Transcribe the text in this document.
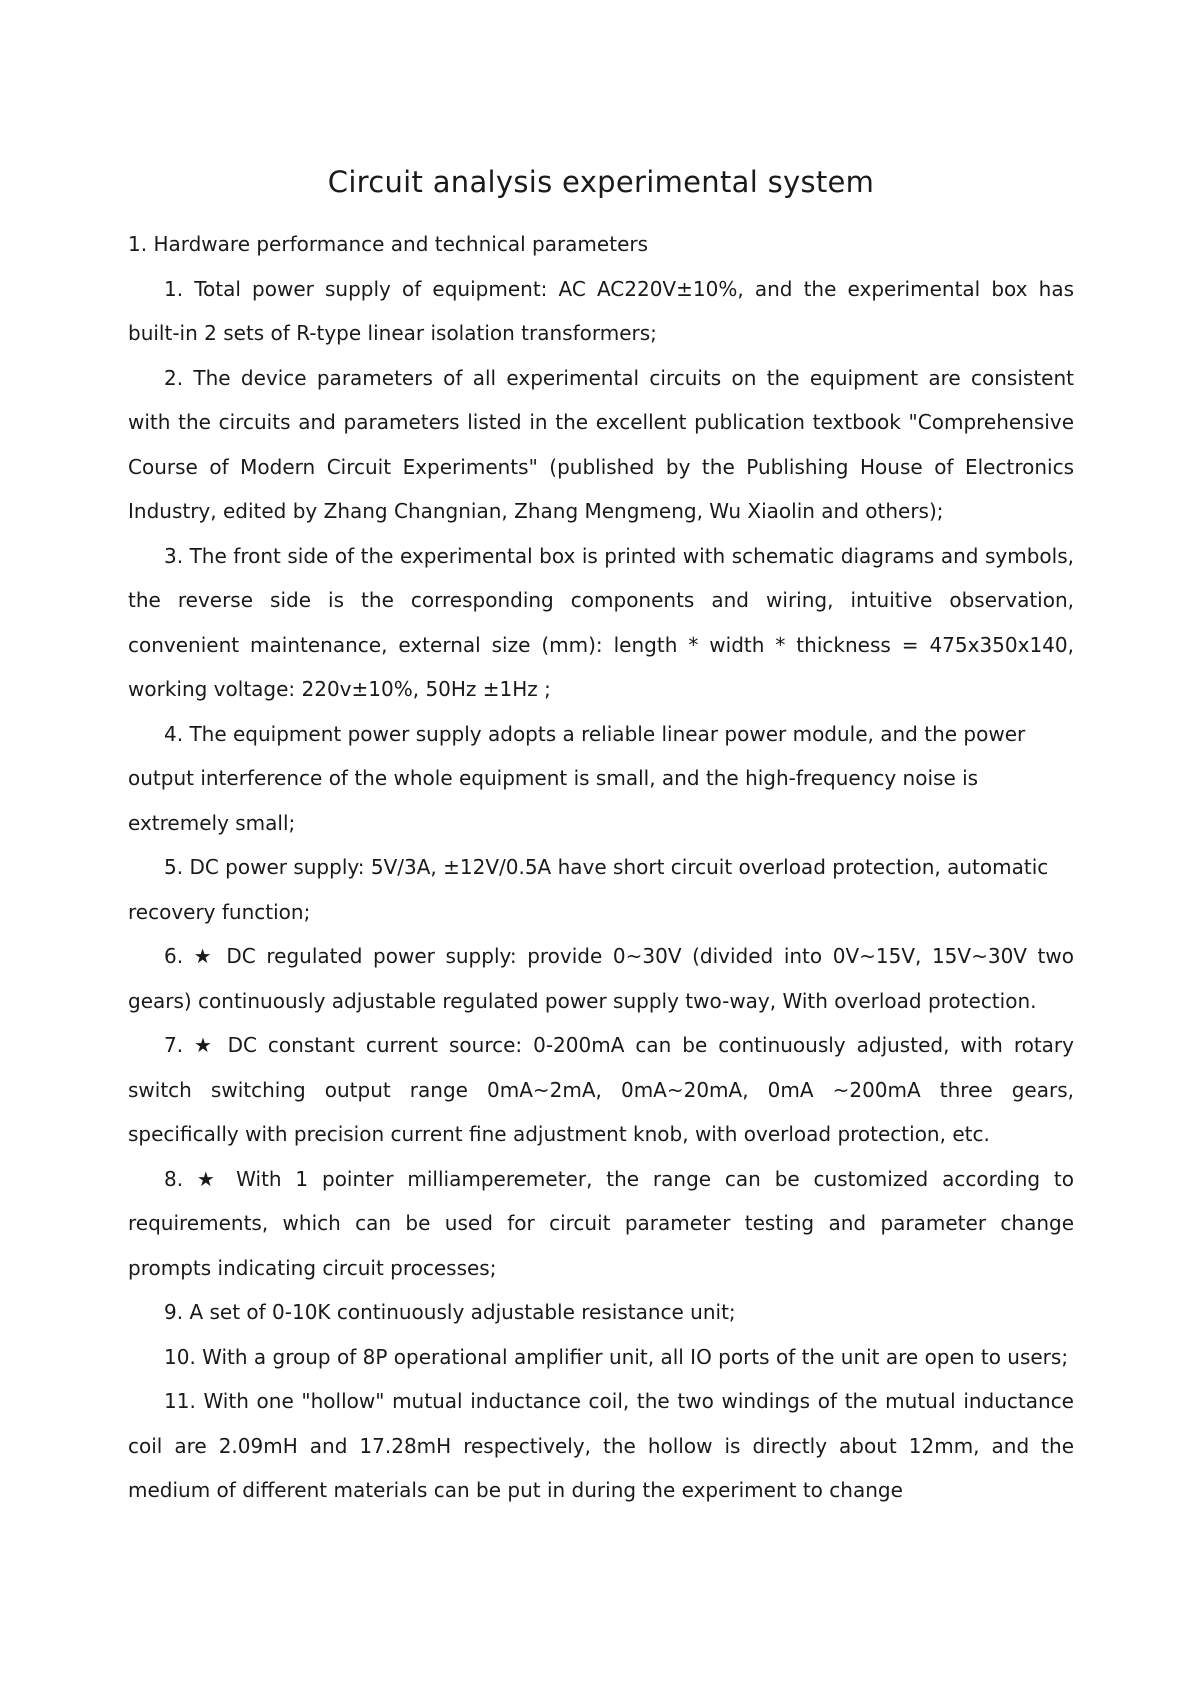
Circuit analysis experimental system

1. Hardware performance and technical parameters

1. Total power supply of equipment: AC AC220V±10%, and the experimental box has built-in 2 sets of R-type linear isolation transformers;

2. The device parameters of all experimental circuits on the equipment are consistent with the circuits and parameters listed in the excellent publication textbook "Comprehensive Course of Modern Circuit Experiments" (published by the Publishing House of Electronics Industry, edited by Zhang Changnian, Zhang Mengmeng, Wu Xiaolin and others);

3. The front side of the experimental box is printed with schematic diagrams and symbols, the reverse side is the corresponding components and wiring, intuitive observation, convenient maintenance, external size (mm): length * width * thickness = 475x350x140, working voltage: 220v±10%, 50Hz ±1Hz ;

4. The equipment power supply adopts a reliable linear power module, and the power output interference of the whole equipment is small, and the high-frequency noise is extremely small;

5. DC power supply: 5V/3A, ±12V/0.5A have short circuit overload protection, automatic recovery function;

6. ★ DC regulated power supply: provide 0~30V (divided into 0V~15V, 15V~30V two gears) continuously adjustable regulated power supply two-way, With overload protection.

7. ★ DC constant current source: 0-200mA can be continuously adjusted, with rotary switch switching output range 0mA~2mA, 0mA~20mA, 0mA ~200mA three gears, specifically with precision current fine adjustment knob, with overload protection, etc.

8. ★ With 1 pointer milliamperemeter, the range can be customized according to requirements, which can be used for circuit parameter testing and parameter change prompts indicating circuit processes;

9. A set of 0-10K continuously adjustable resistance unit;

10. With a group of 8P operational amplifier unit, all IO ports of the unit are open to users;

11. With one "hollow" mutual inductance coil, the two windings of the mutual inductance coil are 2.09mH and 17.28mH respectively, the hollow is directly about 12mm, and the medium of different materials can be put in during the experiment to change
